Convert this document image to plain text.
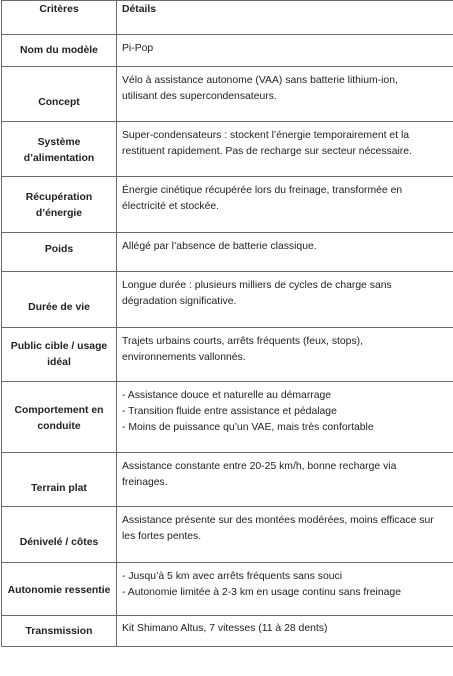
Critères	Détails

Nom du modèle	Pi-Pop

Concept	Vélo à assistance autonome (VAA) sans batterie lithium-ion,
utilisant des supercondensateurs.

Système
d’alimentation	Super-condensateurs : stockent l’énergie temporairement et la
restituent rapidement. Pas de recharge sur secteur nécessaire.

Récupération
d’énergie	Énergie cinétique récupérée lors du freinage, transformée en
électricité et stockée.

Poids	Allégé par l’absence de batterie classique.

Durée de vie	Longue durée : plusieurs milliers de cycles de charge sans
dégradation significative.

Public cible / usage
idéal	Trajets urbains courts, arrêts fréquents (feux, stops),
environnements vallonnés.

Comportement en
conduite	- Assistance douce et naturelle au démarrage
- Transition fluide entre assistance et pédalage
- Moins de puissance qu’un VAE, mais très confortable

Terrain plat	Assistance constante entre 20-25 km/h, bonne recharge via
freinages.

Dénivelé / côtes	Assistance présente sur des montées modérées, moins efficace sur
les fortes pentes.

Autonomie ressentie	- Jusqu’à 5 km avec arrêts fréquents sans souci
- Autonomie limitée à 2-3 km en usage continu sans freinage

Transmission	Kit Shimano Altus, 7 vitesses (11 à 28 dents)
